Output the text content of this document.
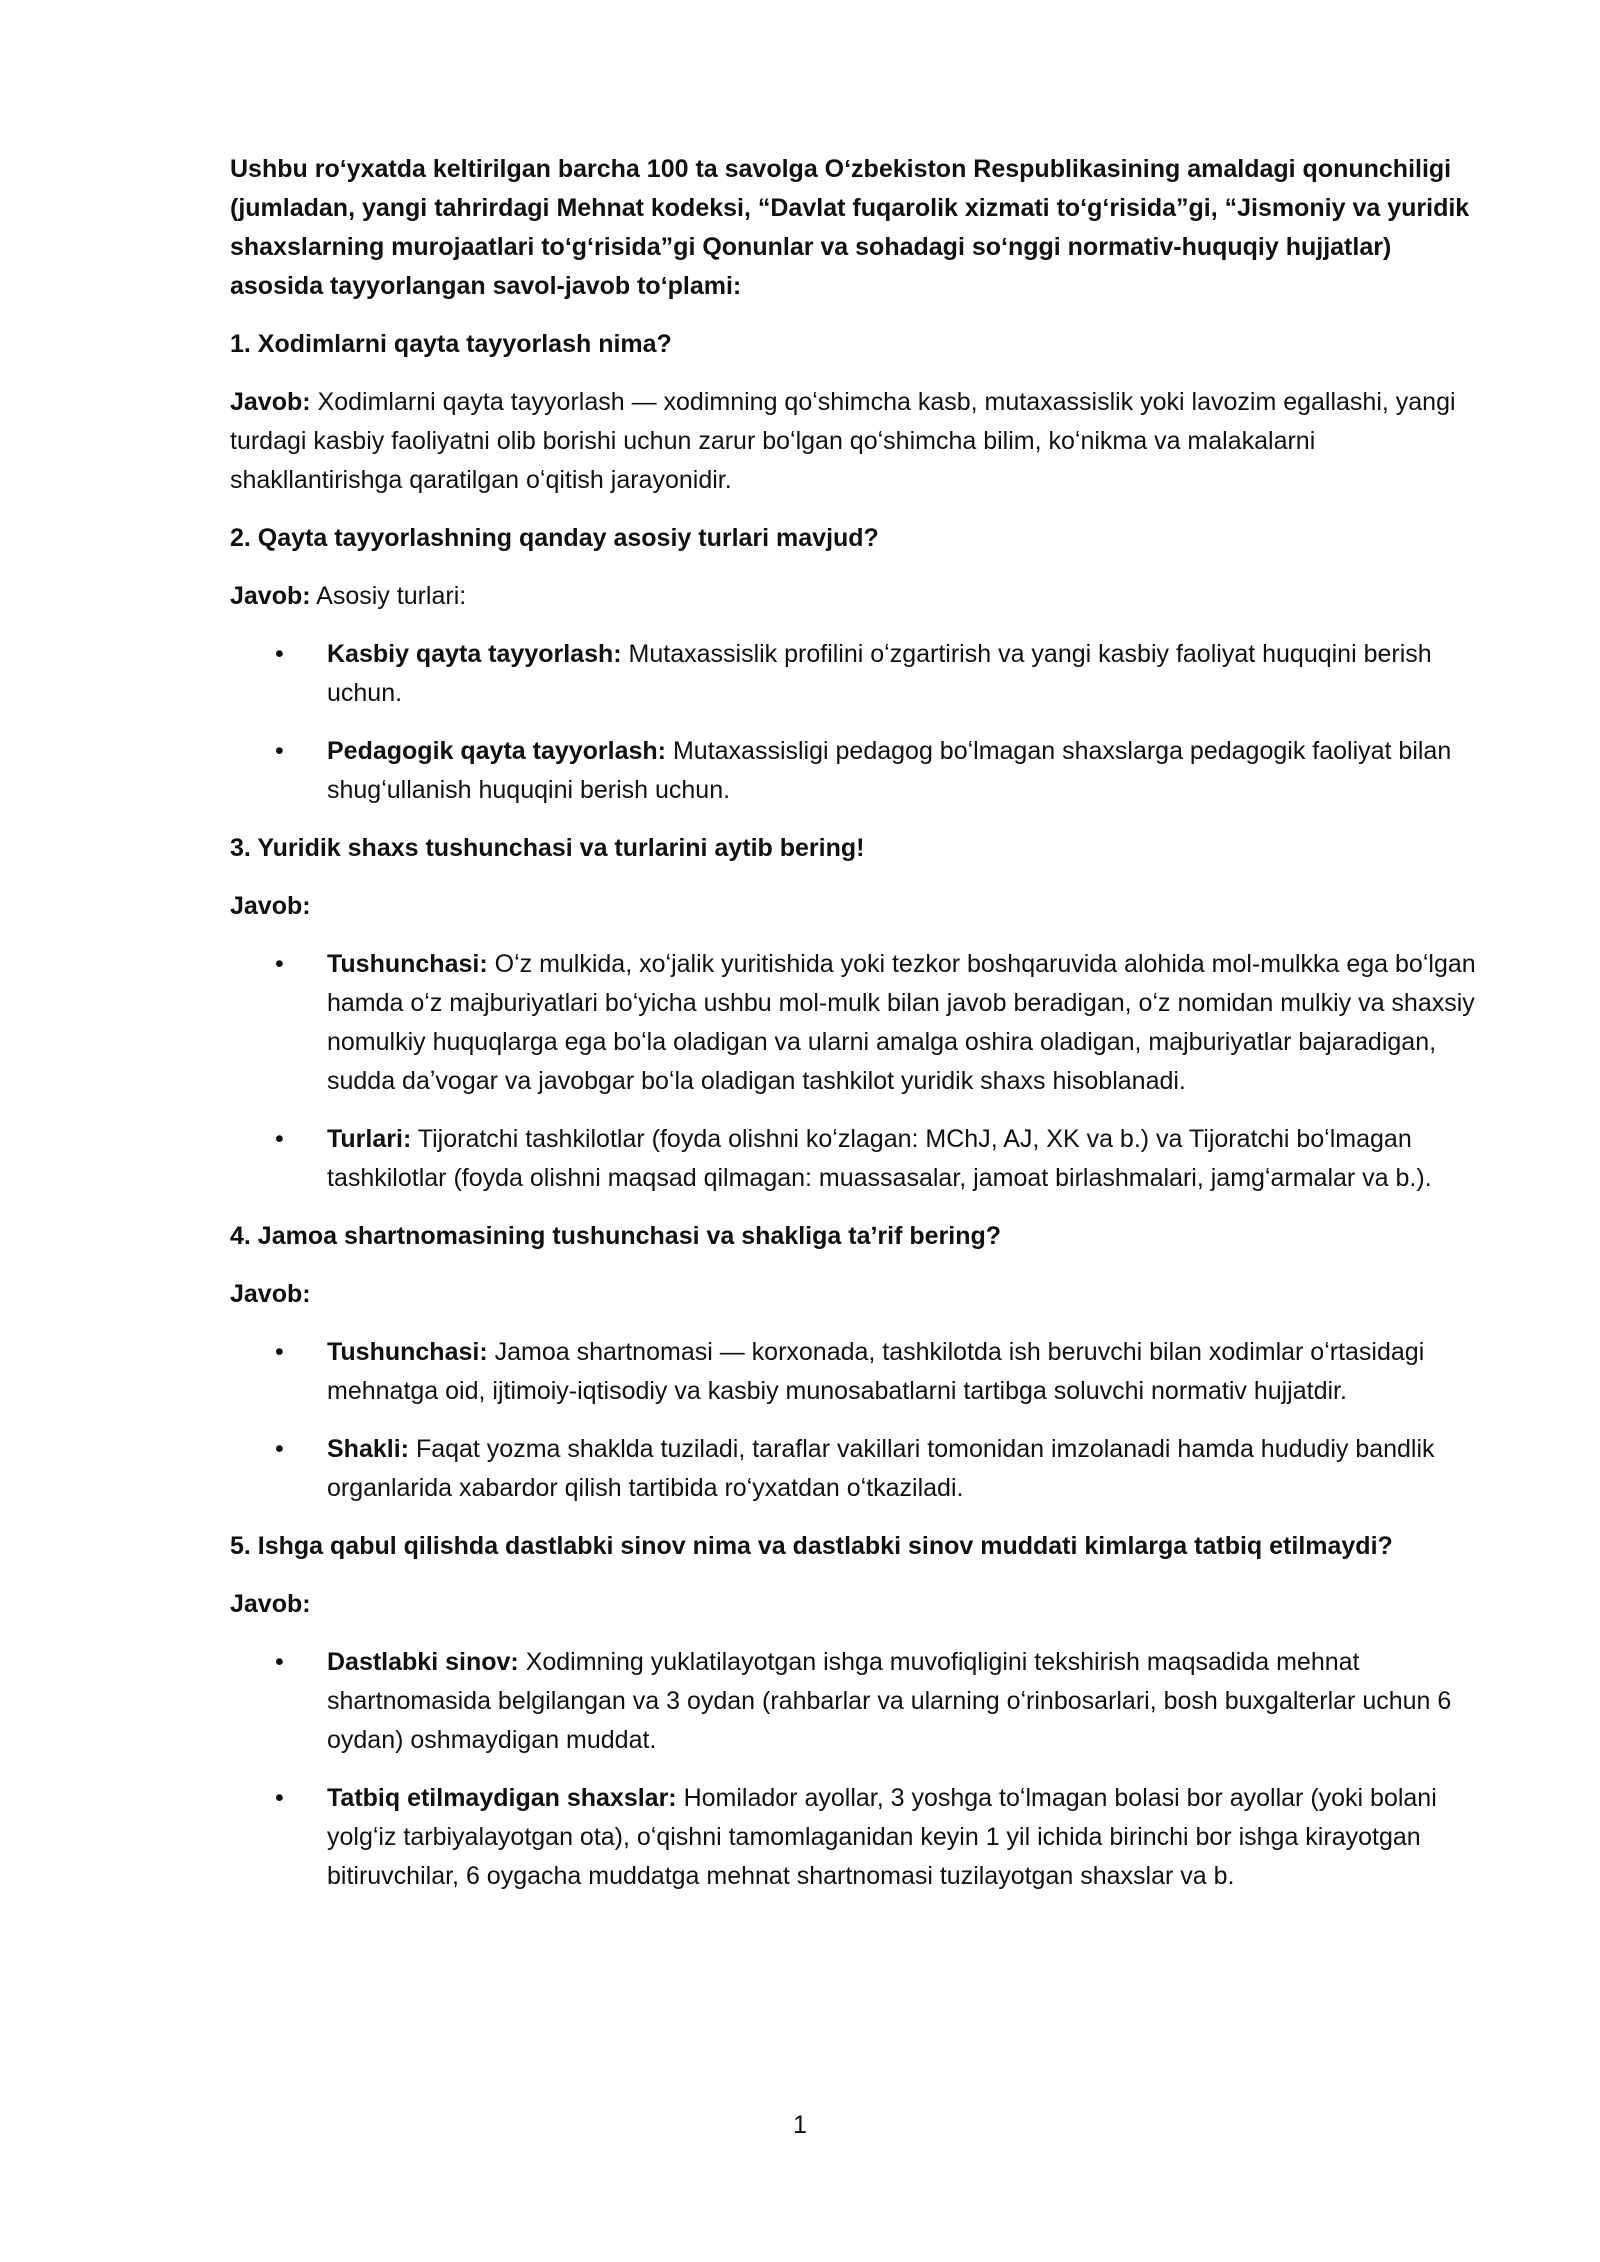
Ushbu roʻyxatda keltirilgan barcha 100 ta savolga Oʻzbekiston Respublikasining amaldagi qonunchiligi (jumladan, yangi tahrirdagi Mehnat kodeksi, “Davlat fuqarolik xizmati toʻgʻrisida”gi, “Jismoniy va yuridik shaxslarning murojaatlari toʻgʻrisida”gi Qonunlar va sohadagi soʻnggi normativ-huquqiy hujjatlar) asosida tayyorlangan savol-javob toʻplami:

1. Xodimlarni qayta tayyorlash nima?

Javob: Xodimlarni qayta tayyorlash — xodimning qoʻshimcha kasb, mutaxassislik yoki lavozim egallashi, yangi turdagi kasbiy faoliyatni olib borishi uchun zarur boʻlgan qoʻshimcha bilim, koʻnikma va malakalarni shakllantirishga qaratilgan oʻqitish jarayonidir.

2. Qayta tayyorlashning qanday asosiy turlari mavjud?

Javob: Asosiy turlari:

• Kasbiy qayta tayyorlash: Mutaxassislik profilini oʻzgartirish va yangi kasbiy faoliyat huquqini berish uchun.
• Pedagogik qayta tayyorlash: Mutaxassisligi pedagog boʻlmagan shaxslarga pedagogik faoliyat bilan shugʻullanish huquqini berish uchun.

3. Yuridik shaxs tushunchasi va turlarini aytib bering!

Javob:

• Tushunchasi: Oʻz mulkida, xoʻjalik yuritishida yoki tezkor boshqaruvida alohida mol-mulkka ega boʻlgan hamda oʻz majburiyatlari boʻyicha ushbu mol-mulk bilan javob beradigan, oʻz nomidan mulkiy va shaxsiy nomulkiy huquqlarga ega boʻla oladigan va ularni amalga oshira oladigan, majburiyatlar bajaradigan, sudda daʼvogar va javobgar boʻla oladigan tashkilot yuridik shaxs hisoblanadi.
• Turlari: Tijoratchi tashkilotlar (foyda olishni koʻzlagan: MChJ, AJ, XK va b.) va Tijoratchi boʻlmagan tashkilotlar (foyda olishni maqsad qilmagan: muassasalar, jamoat birlashmalari, jamgʻarmalar va b.).

4. Jamoa shartnomasining tushunchasi va shakliga taʼrif bering?

Javob:

• Tushunchasi: Jamoa shartnomasi — korxonada, tashkilotda ish beruvchi bilan xodimlar oʻrtasidagi mehnatga oid, ijtimoiy-iqtisodiy va kasbiy munosabatlarni tartibga soluvchi normativ hujjatdir.
• Shakli: Faqat yozma shaklda tuziladi, taraflar vakillari tomonidan imzolanadi hamda hududiy bandlik organlarida xabardor qilish tartibida roʻyxatdan oʻtkaziladi.

5. Ishga qabul qilishda dastlabki sinov nima va dastlabki sinov muddati kimlarga tatbiq etilmaydi?

Javob:

• Dastlabki sinov: Xodimning yuklatilayotgan ishga muvofiqligini tekshirish maqsadida mehnat shartnomasida belgilangan va 3 oydan (rahbarlar va ularning oʻrinbosarlari, bosh buxgalterlar uchun 6 oydan) oshmaydigan muddat.
• Tatbiq etilmaydigan shaxslar: Homilador ayollar, 3 yoshga toʻlmagan bolasi bor ayollar (yoki bolani yolgʻiz tarbiyalayotgan ota), oʻqishni tamomlaganidan keyin 1 yil ichida birinchi bor ishga kirayotgan bitiruvchilar, 6 oygacha muddatga mehnat shartnomasi tuzilayotgan shaxslar va b.
1
